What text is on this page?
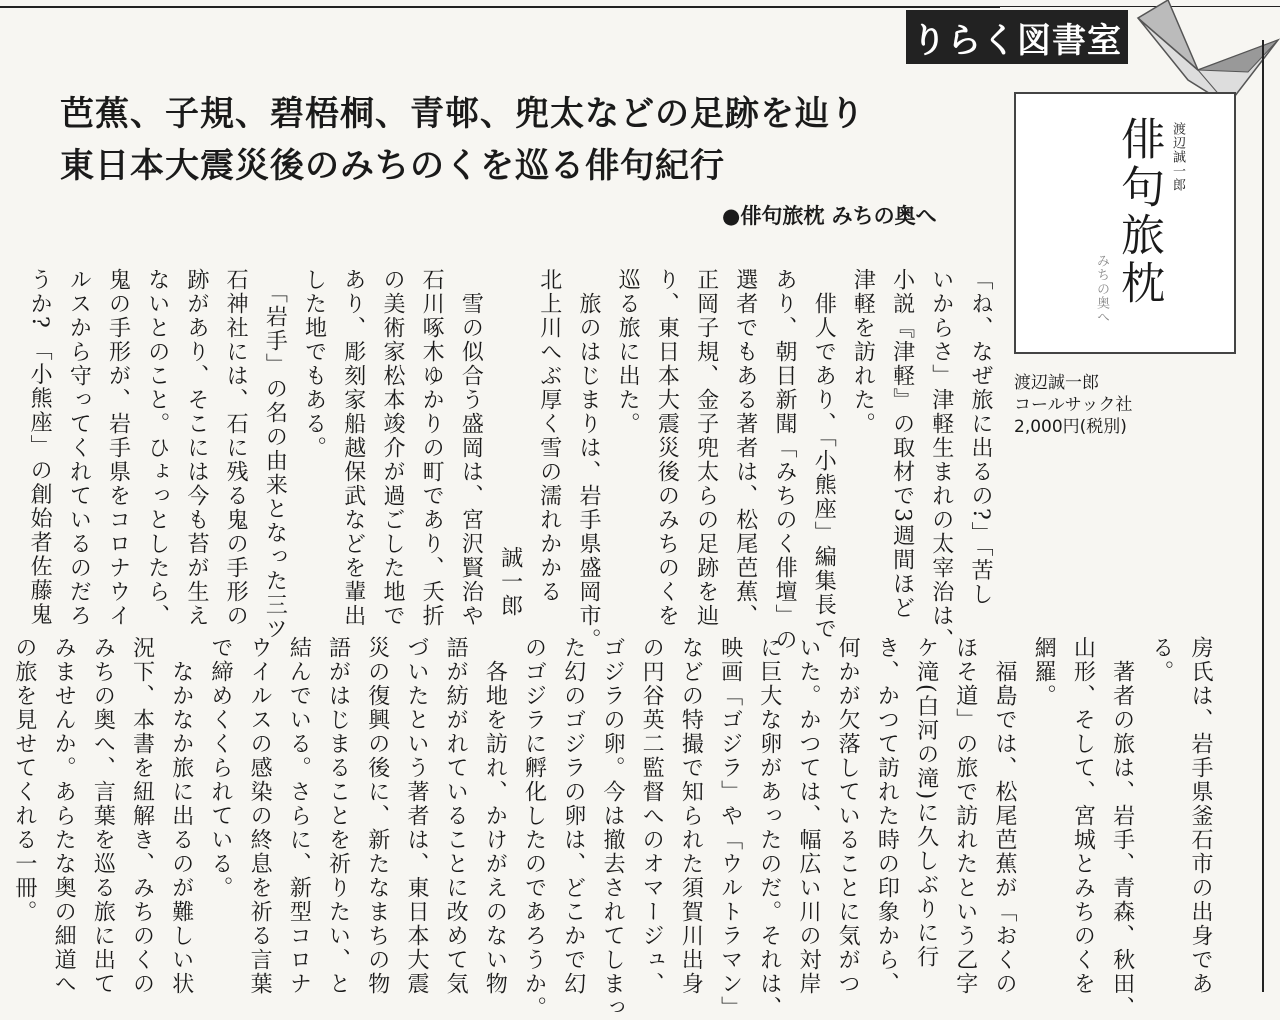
りらく図書室
芭蕉、子規、碧梧桐、青邨、兜太などの足跡を辿り
東日本大震災後のみちのくを巡る俳句紀行
●俳句旅枕 みちの奥へ
渡辺誠一郎
俳句旅枕
みちの奥へ
渡辺誠一郎
コールサック社
2,000円(税別)
「ね、なぜ旅に出るの?」「苦し
いからさ」津軽生まれの太宰治は、
小説『津軽』の取材で3週間ほど
津軽を訪れた。
　俳人であり、「小熊座」編集長で
あり、朝日新聞「みちのく俳壇」の
選者でもある著者は、松尾芭蕉、
正岡子規、金子兜太らの足跡を辿
り、東日本大震災後のみちのくを
巡る旅に出た。
　旅のはじまりは、岩手県盛岡市。
北上川へぶ厚く雪の濡れかかる
誠一郎
　雪の似合う盛岡は、宮沢賢治や
石川啄木ゆかりの町であり、夭折
の美術家松本竣介が過ごした地で
あり、彫刻家船越保武などを輩出
した地でもある。
　「岩手」の名の由来となった三ツ
石神社には、石に残る鬼の手形の
跡があり、そこには今も苔が生え
ないとのこと。ひょっとしたら、
鬼の手形が、岩手県をコロナウイ
ルスから守ってくれているのだろ
うか? 「小熊座」の創始者佐藤鬼
房氏は、岩手県釜石市の出身であ
る。
　著者の旅は、岩手、青森、秋田、
山形、そして、宮城とみちのくを
網羅。
　福島では、松尾芭蕉が「おくの
ほそ道」の旅で訪れたという乙字
ケ滝(白河の滝)に久しぶりに行
き、かつて訪れた時の印象から、
何かが欠落していることに気がつ
いた。かつては、幅広い川の対岸
に巨大な卵があったのだ。それは、
映画「ゴジラ」や「ウルトラマン」
などの特撮で知られた須賀川出身
の円谷英二監督へのオマージュ、
ゴジラの卵。今は撤去されてしまっ
た幻のゴジラの卵は、どこかで幻
のゴジラに孵化したのであろうか。
　各地を訪れ、かけがえのない物
語が紡がれていることに改めて気
づいたという著者は、東日本大震
災の復興の後に、新たなまちの物
語がはじまることを祈りたい、と
結んでいる。さらに、新型コロナ
ウイルスの感染の終息を祈る言葉
で締めくくられている。
　なかなか旅に出るのが難しい状
況下、本書を紐解き、みちのくの
みちの奥へ、言葉を巡る旅に出て
みませんか。あらたな奥の細道へ
の旅を見せてくれる一冊。
